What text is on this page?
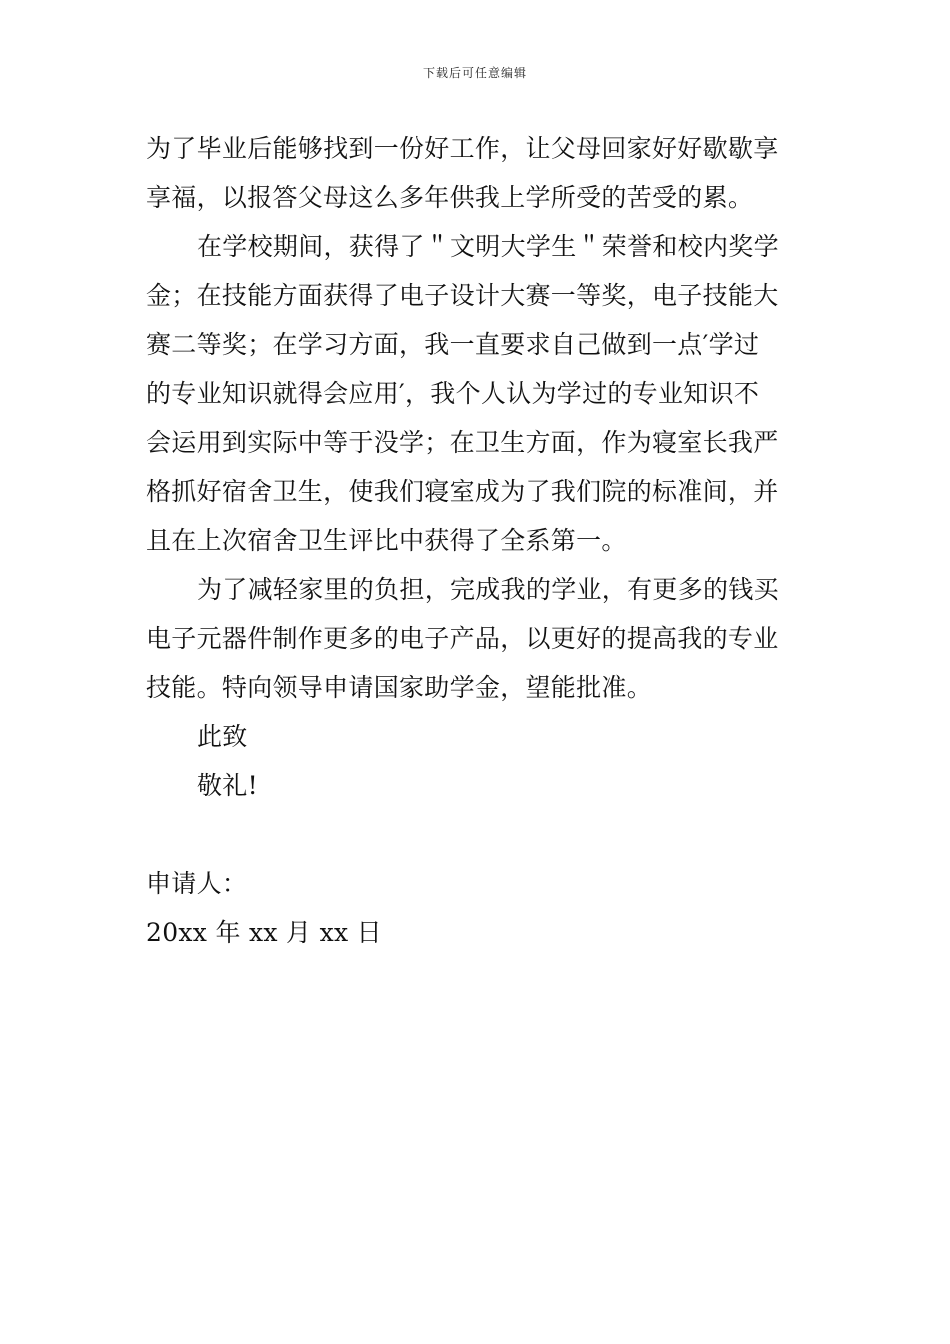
下载后可任意编辑
为了毕业后能够找到一份好工作，让父母回家好好歇歇享
享福，以报答父母这么多年供我上学所受的苦受的累。
在学校期间，获得了＂文明大学生＂荣誉和校内奖学
金；在技能方面获得了电子设计大赛一等奖，电子技能大
赛二等奖；在学习方面，我一直要求自己做到一点′学过
的专业知识就得会应用′，我个人认为学过的专业知识不
会运用到实际中等于没学；在卫生方面，作为寝室长我严
格抓好宿舍卫生，使我们寝室成为了我们院的标准间，并
且在上次宿舍卫生评比中获得了全系第一。
为了减轻家里的负担，完成我的学业，有更多的钱买
电子元器件制作更多的电子产品，以更好的提高我的专业
技能。特向领导申请国家助学金，望能批准。
此致
敬礼!
申请人：
20xx 年 xx 月 xx 日
